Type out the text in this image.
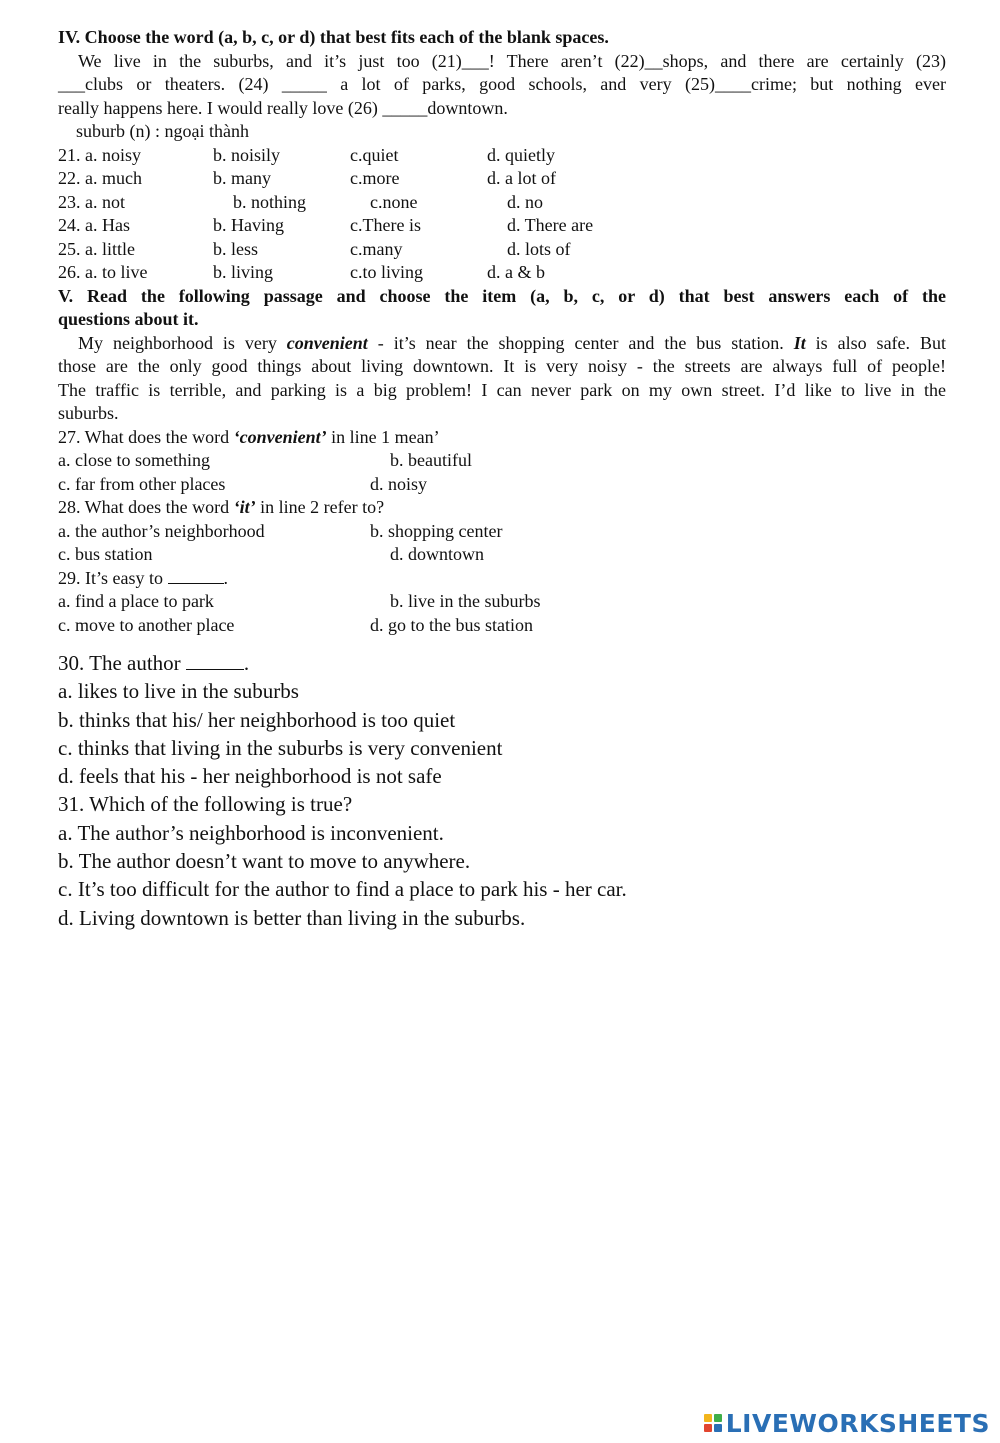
IV. Choose the word (a, b, c, or d) that best fits each of the blank spaces.
We live in the suburbs, and it’s just too (21)___! There aren’t (22)__shops, and there are certainly (23)
___clubs or theaters. (24) _____ a lot of parks, good schools, and very (25)____crime; but nothing ever
really happens here. I would really love (26) _____downtown.
suburb (n) : ngoại thành
21. a. noisy	b. noisily	c.quiet	d. quietly
22. a. much	b. many	c.more	d. a lot of
23. a. not	b. nothing	c.none	d. no
24. a. Has	b. Having	c.There is	d. There are
25. a. little	b. less	c.many	d. lots of
26. a. to live	b. living	c.to living	d. a & b
V. Read the following passage and choose the item (a, b, c, or d) that best answers each of the
questions about it.
My neighborhood is very convenient - it’s near the shopping center and the bus station. It is also safe. But
those are the only good things about living downtown. It is very noisy - the streets are always full of people!
The traffic is terrible, and parking is a big problem! I can never park on my own street. I’d like to live in the
suburbs.
27. What does the word ‘convenient’ in line 1 mean’
a. close to something	b. beautiful
c. far from other places	d. noisy
28. What does the word ‘it’ in line 2 refer to?
a. the author’s neighborhood	b. shopping center
c. bus station	d. downtown
29. It’s easy to	.
a. find a place to park	b. live in the suburbs
c. move to another place	d. go to the bus station
30. The author	.
a. likes to live in the suburbs
b. thinks that his/ her neighborhood is too quiet
c. thinks that living in the suburbs is very convenient
d. feels that his - her neighborhood is not safe
31. Which of the following is true?
a. The author’s neighborhood is inconvenient.
b. The author doesn’t want to move to anywhere.
c. It’s too difficult for the author to find a place to park his - her car.
d. Living downtown is better than living in the suburbs.
LIVEWORKSHEETS
